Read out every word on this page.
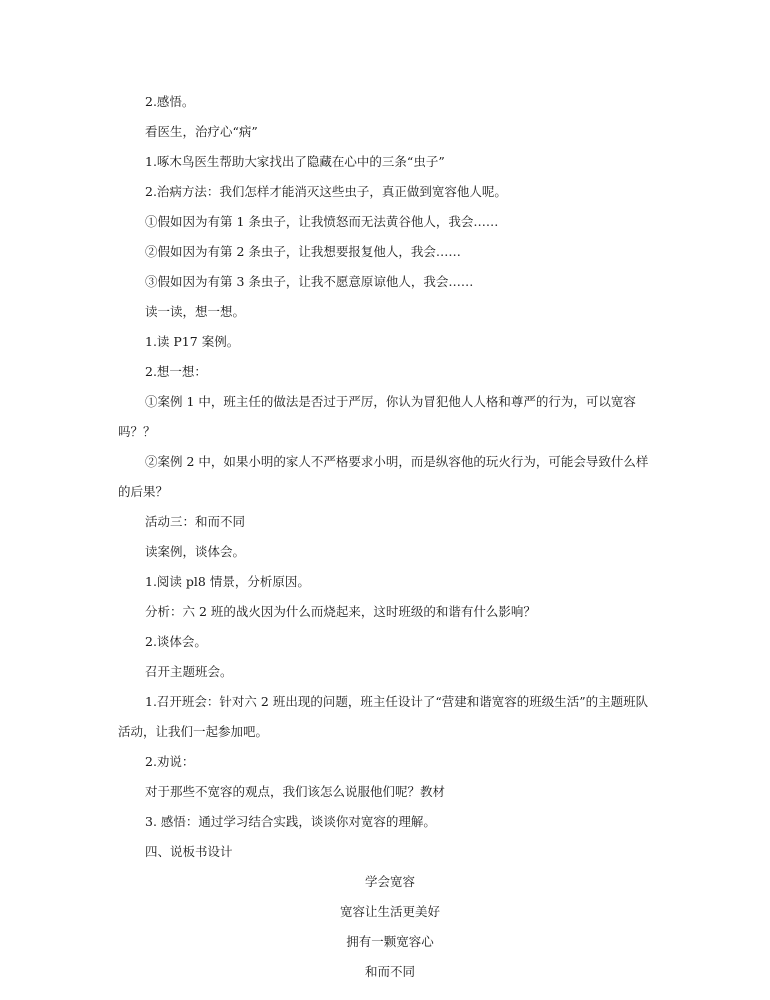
2.感悟。
看医生，治疗心“病”
1.啄木鸟医生帮助大家找出了隐藏在心中的三条“虫子”
2.治病方法：我们怎样才能消灭这些虫子，真正做到宽容他人呢。
①假如因为有第 1 条虫子，让我愤怒而无法黄谷他人，我会……
②假如因为有第 2 条虫子，让我想要报复他人，我会……
③假如因为有第 3 条虫子，让我不愿意原谅他人，我会……
读一读，想一想。
1.读 P17 案例。
2.想一想：
①案例 1 中，班主任的做法是否过于严厉，你认为冒犯他人人格和尊严的行为，可以宽容吗？？
②案例 2 中，如果小明的家人不严格要求小明，而是纵容他的玩火行为，可能会导致什么样的后果？
活动三：和而不同
读案例，谈体会。
1.阅读 pl8 情景，分析原因。
分析：六 2 班的战火因为什么而烧起来，这时班级的和谐有什么影响？
2.谈体会。
召开主题班会。
1.召开班会：针对六 2 班出现的问题，班主任设计了“营建和谐宽容的班级生活”的主题班队活动，让我们一起参加吧。
2.劝说：
对于那些不宽容的观点，我们该怎么说服他们呢？教材
3. 感悟：通过学习结合实践，谈谈你对宽容的理解。
四、说板书设计
学会宽容
宽容让生活更美好
拥有一颗宽容心
和而不同
